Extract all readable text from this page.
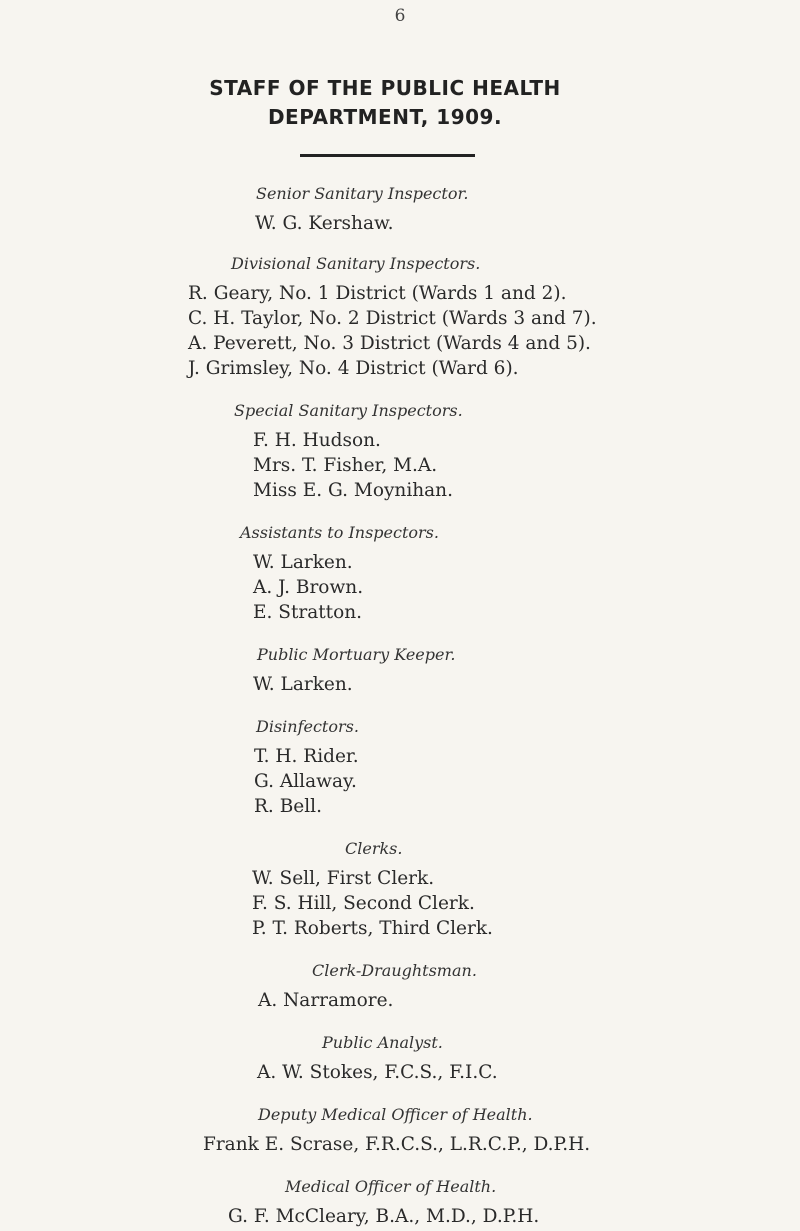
6
STAFF OF THE PUBLIC HEALTH
DEPARTMENT, 1909.
Senior Sanitary Inspector.
W. G. Kershaw.
Divisional Sanitary Inspectors.
R. Geary, No. 1 District (Wards 1 and 2).
C. H. Taylor, No. 2 District (Wards 3 and 7).
A. Peverett, No. 3 District (Wards 4 and 5).
J. Grimsley, No. 4 District (Ward 6).
Special Sanitary Inspectors.
F. H. Hudson.
Mrs. T. Fisher, M.A.
Miss E. G. Moynihan.
Assistants to Inspectors.
W. Larken.
A. J. Brown.
E. Stratton.
Public Mortuary Keeper.
W. Larken.
Disinfectors.
T. H. Rider.
G. Allaway.
R. Bell.
Clerks.
W. Sell, First Clerk.
F. S. Hill, Second Clerk.
P. T. Roberts, Third Clerk.
Clerk-Draughtsman.
A. Narramore.
Public Analyst.
A. W. Stokes, F.C.S., F.I.C.
Deputy Medical Officer of Health.
Frank E. Scrase, F.R.C.S., L.R.C.P., D.P.H.
Medical Officer of Health.
G. F. McCleary, B.A., M.D., D.P.H.
